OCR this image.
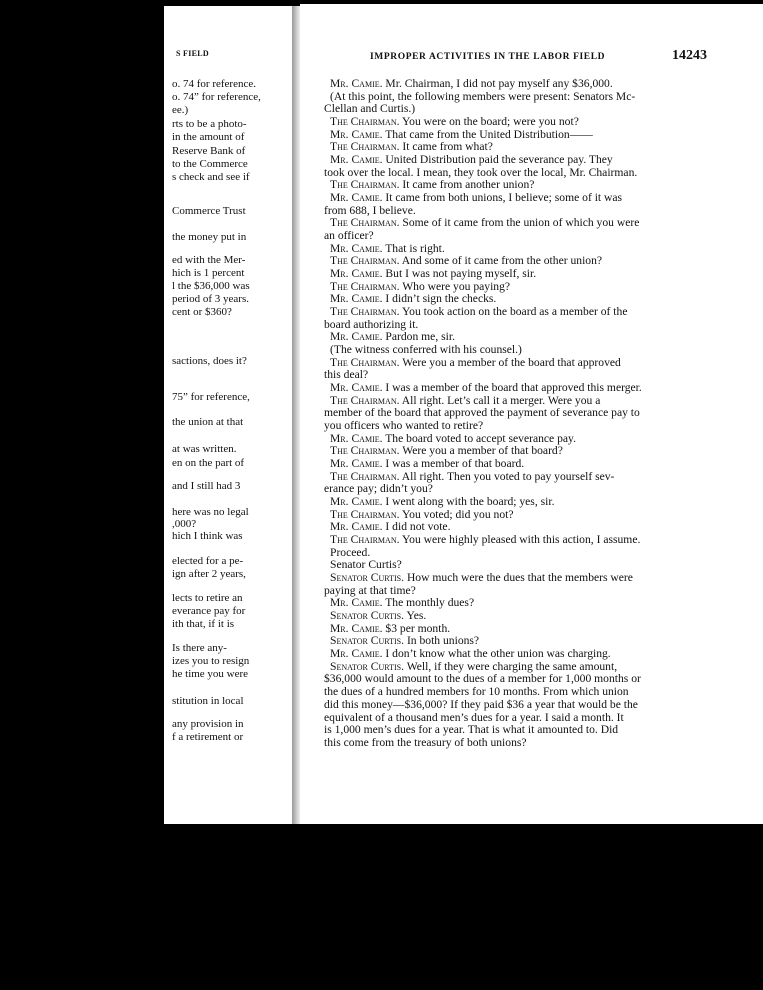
S FIELD
o. 74 for reference.
o. 74” for reference,
ee.)
rts to be a photo-
in the amount of
Reserve Bank of
to the Commerce
s check and see if
Commerce Trust
the money put in
ed with the Mer-
hich is 1 percent
l the $36,000 was
period of 3 years.
cent or $360?
sactions, does it?
75” for reference,
the union at that
at was written.
en on the part of
and I still had 3
here was no legal
,000?
hich I think was
elected for a pe-
ign after 2 years,
lects to retire an
everance pay for
ith that, if it is
Is there any-
izes you to resign
he time you were
stitution in local
any provision in
f a retirement or
IMPROPER ACTIVITIES IN THE LABOR FIELD	14243
Mr. Camie. Mr. Chairman, I did not pay myself any $36,000.
(At this point, the following members were present: Senators Mc-
Clellan and Curtis.)
The Chairman. You were on the board; were you not?
Mr. Camie. That came from the United Distribution——
The Chairman. It came from what?
Mr. Camie. United Distribution paid the severance pay. They
took over the local. I mean, they took over the local, Mr. Chairman.
The Chairman. It came from another union?
Mr. Camie. It came from both unions, I believe; some of it was
from 688, I believe.
The Chairman. Some of it came from the union of which you were
an officer?
Mr. Camie. That is right.
The Chairman. And some of it came from the other union?
Mr. Camie. But I was not paying myself, sir.
The Chairman. Who were you paying?
Mr. Camie. I didn’t sign the checks.
The Chairman. You took action on the board as a member of the
board authorizing it.
Mr. Camie. Pardon me, sir.
(The witness conferred with his counsel.)
The Chairman. Were you a member of the board that approved
this deal?
Mr. Camie. I was a member of the board that approved this merger.
The Chairman. All right. Let’s call it a merger. Were you a
member of the board that approved the payment of severance pay to
you officers who wanted to retire?
Mr. Camie. The board voted to accept severance pay.
The Chairman. Were you a member of that board?
Mr. Camie. I was a member of that board.
The Chairman. All right. Then you voted to pay yourself sev-
erance pay; didn’t you?
Mr. Camie. I went along with the board; yes, sir.
The Chairman. You voted; did you not?
Mr. Camie. I did not vote.
The Chairman. You were highly pleased with this action, I assume.
Proceed.
Senator Curtis?
Senator Curtis. How much were the dues that the members were
paying at that time?
Mr. Camie. The monthly dues?
Senator Curtis. Yes.
Mr. Camie. $3 per month.
Senator Curtis. In both unions?
Mr. Camie. I don’t know what the other union was charging.
Senator Curtis. Well, if they were charging the same amount,
$36,000 would amount to the dues of a member for 1,000 months or
the dues of a hundred members for 10 months. From which union
did this money—$36,000? If they paid $36 a year that would be the
equivalent of a thousand men’s dues for a year. I said a month. It
is 1,000 men’s dues for a year. That is what it amounted to. Did
this come from the treasury of both unions?
